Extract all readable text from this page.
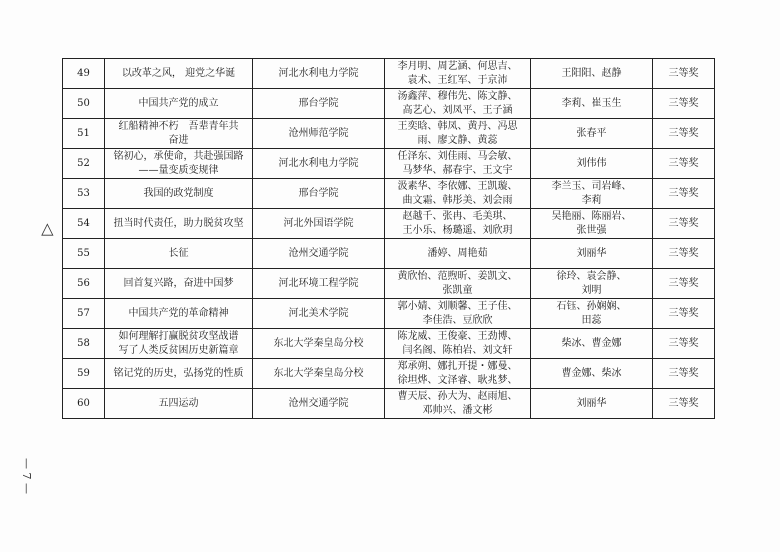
▷
49	以改革之风， 迎党之华诞	河北水利电力学院	李月明、周艺涵、何思吉、
袁术、王红军、于京沛	王阳阳、赵静	三等奖
50	中国共产党的成立	邢台学院	汤鑫萍、穆伟先、陈文静、
高艺心、刘凤平、王子涵	李莉、崔玉生	三等奖
51	红船精神不朽　吾辈青年共
奋进	沧州师范学院	王奕晗、韩凤、黄丹、冯思
雨、廖文静、黄蕊	张春平	三等奖
52	铭初心，承使命，共赴强国路
——量变质变规律	河北水利电力学院	任泽东、刘佳雨、马会敏、
马梦华、郝春宇、王文宇	刘伟伟	三等奖
53	我国的政党制度	邢台学院	汲素华、李依娜、王凯璇、
曲文霜、韩彤美、刘会雨	李兰玉、司岩峰、
李莉	三等奖
54	扭当时代责任，助力脱贫攻坚	河北外国语学院	赵越千、张冉、毛美琪、
王小乐、杨璐遥、刘欣玥	吴艳丽、陈丽岩、
张世强	三等奖
55	长征	沧州交通学院	潘婷、周艳茹	刘丽华	三等奖
56	回首复兴路，奋进中国梦	河北环境工程学院	黄欣怡、范煦昕、姜凯文、
张凯童	徐玲、袁会静、
刘明	三等奖
57	中国共产党的革命精神	河北美术学院	郭小婧、刘顺馨、王子佳、
李佳浩、豆欣欣	石钰、孙娴娴、
田蕊	三等奖
58	如何理解打赢脱贫攻坚战谱
写了人类反贫困历史新篇章	东北大学秦皇岛分校	陈龙威、王俊豪、王劲博、
闫名阁、陈柏岩、刘文轩	柴冰、曹金娜	三等奖
59	铭记党的历史，弘扬党的性质	东北大学秦皇岛分校	郑承朔、娜扎开提・娜曼、
徐坦烨、文泽睿、耿兆梦、	曹金娜、柴冰	三等奖
60	五四运动	沧州交通学院	曹天辰、孙大为、赵雨旭、
邓帅兴、潘文彬	刘丽华	三等奖
— 7 —
